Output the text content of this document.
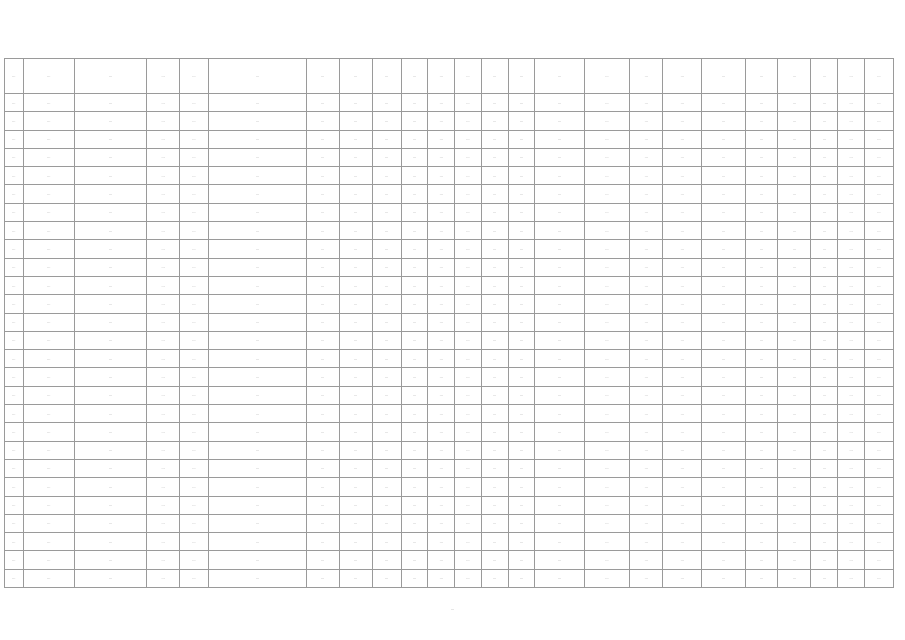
…	…	…	…	…	…	…	…	…	…	…	…	…	…	…	…	…	…	…	…	…	…	…	…
…	…	…	…	…	…	…	…	…	…	…	…	…	…	…	…	…	…	…	…	…	…	…	…
…	…	…	…	…	…	…	…	…	…	…	…	…	…	…	…	…	…	…	…	…	…	…	…
…	…	…	…	…	…	…	…	…	…	…	…	…	…	…	…	…	…	…	…	…	…	…	…
…	…	…	…	…	…	…	…	…	…	…	…	…	…	…	…	…	…	…	…	…	…	…	…
…	…	…	…	…	…	…	…	…	…	…	…	…	…	…	…	…	…	…	…	…	…	…	…
…	…	…	…	…	…	…	…	…	…	…	…	…	…	…	…	…	…	…	…	…	…	…	…
…	…	…	…	…	…	…	…	…	…	…	…	…	…	…	…	…	…	…	…	…	…	…	…
…	…	…	…	…	…	…	…	…	…	…	…	…	…	…	…	…	…	…	…	…	…	…	…
…	…	…	…	…	…	…	…	…	…	…	…	…	…	…	…	…	…	…	…	…	…	…	…
…	…	…	…	…	…	…	…	…	…	…	…	…	…	…	…	…	…	…	…	…	…	…	…
…	…	…	…	…	…	…	…	…	…	…	…	…	…	…	…	…	…	…	…	…	…	…	…
…	…	…	…	…	…	…	…	…	…	…	…	…	…	…	…	…	…	…	…	…	…	…	…
…	…	…	…	…	…	…	…	…	…	…	…	…	…	…	…	…	…	…	…	…	…	…	…
…	…	…	…	…	…	…	…	…	…	…	…	…	…	…	…	…	…	…	…	…	…	…	…
…	…	…	…	…	…	…	…	…	…	…	…	…	…	…	…	…	…	…	…	…	…	…	…
…	…	…	…	…	…	…	…	…	…	…	…	…	…	…	…	…	…	…	…	…	…	…	…
…	…	…	…	…	…	…	…	…	…	…	…	…	…	…	…	…	…	…	…	…	…	…	…
…	…	…	…	…	…	…	…	…	…	…	…	…	…	…	…	…	…	…	…	…	…	…	…
…	…	…	…	…	…	…	…	…	…	…	…	…	…	…	…	…	…	…	…	…	…	…	…
…	…	…	…	…	…	…	…	…	…	…	…	…	…	…	…	…	…	…	…	…	…	…	…
…	…	…	…	…	…	…	…	…	…	…	…	…	…	…	…	…	…	…	…	…	…	…	…
…	…	…	…	…	…	…	…	…	…	…	…	…	…	…	…	…	…	…	…	…	…	…	…
…	…	…	…	…	…	…	…	…	…	…	…	…	…	…	…	…	…	…	…	…	…	…	…
…	…	…	…	…	…	…	…	…	…	…	…	…	…	…	…	…	…	…	…	…	…	…	…
…	…	…	…	…	…	…	…	…	…	…	…	…	…	…	…	…	…	…	…	…	…	…	…
…	…	…	…	…	…	…	…	…	…	…	…	…	…	…	…	…	…	…	…	…	…	…	…
…	…	…	…	…	…	…	…	…	…	…	…	…	…	…	…	…	…	…	…	…	…	…	…
…
